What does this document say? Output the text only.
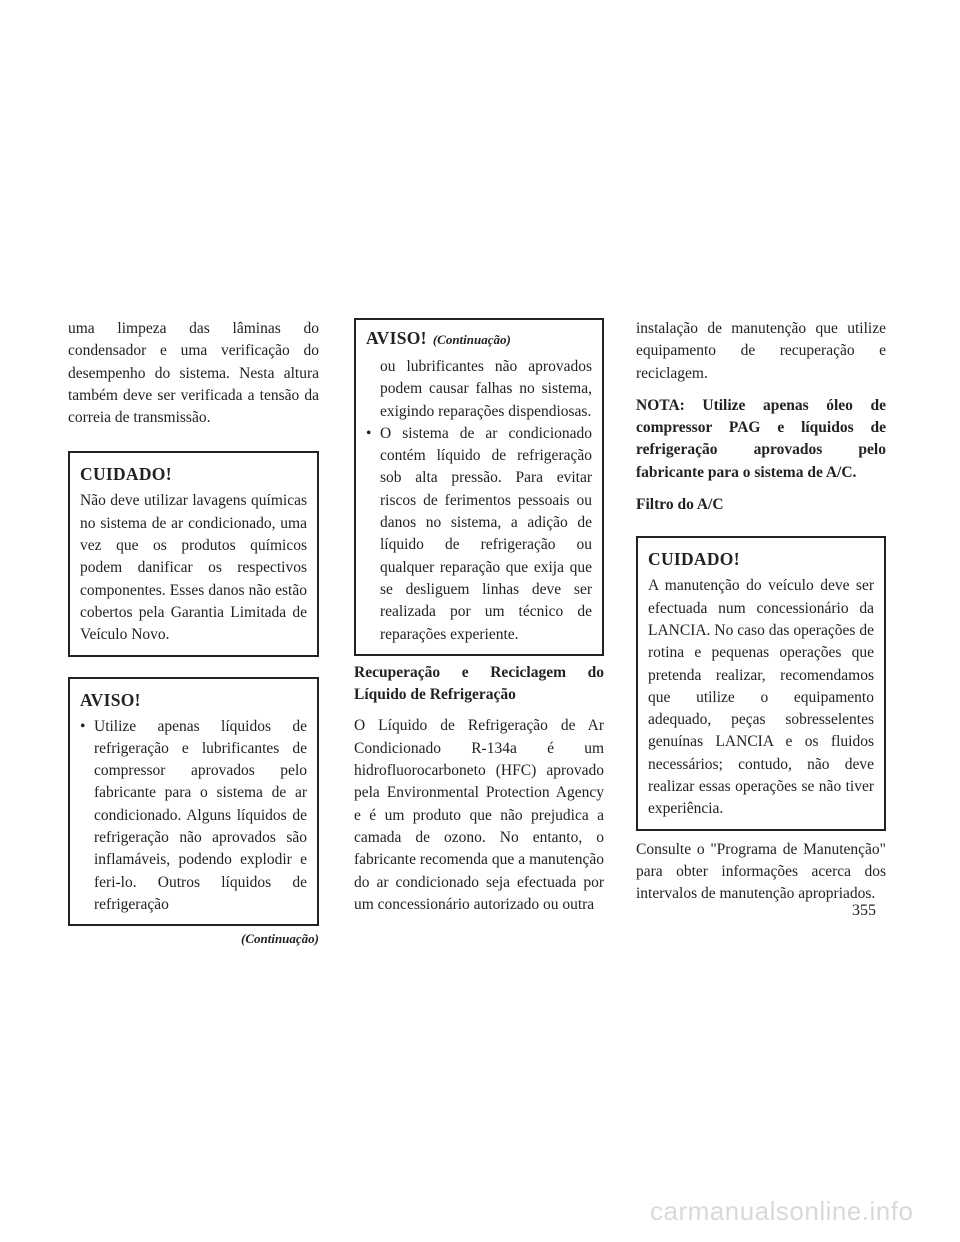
uma limpeza das lâminas do condensador e uma verificação do desempenho do sistema. Nesta altura também deve ser verificada a tensão da correia de transmissão.

CUIDADO!

Não deve utilizar lavagens químicas no sistema de ar condicionado, uma vez que os produtos químicos podem danificar os respectivos componentes. Esses danos não estão cobertos pela Garantia Limitada de Veículo Novo.

AVISO!
• Utilize apenas líquidos de refrigeração e lubrificantes de compressor aprovados pelo fabricante para o sistema de ar condicionado. Alguns líquidos de refrigeração não aprovados são inflamáveis, podendo explodir e feri-lo. Outros líquidos de refrigeração
(Continuação)
AVISO! (Continuação)

ou lubrificantes não aprovados podem causar falhas no sistema, exigindo reparações dispendiosas.

• O sistema de ar condicionado contém líquido de refrigeração sob alta pressão. Para evitar riscos de ferimentos pessoais ou danos no sistema, a adição de líquido de refrigeração ou qualquer reparação que exija que se desliguem linhas deve ser realizada por um técnico de reparações experiente.

Recuperação e Reciclagem do Líquido de Refrigeração

O Líquido de Refrigeração de Ar Condicionado R-134a é um hidrofluorocarboneto (HFC) aprovado pela Environmental Protection Agency e é um produto que não prejudica a camada de ozono. No entanto, o fabricante recomenda que a manutenção do ar condicionado seja efectuada por um concessionário autorizado ou outra

instalação de manutenção que utilize equipamento de recuperação e reciclagem.

NOTA: Utilize apenas óleo de compressor PAG e líquidos de refrigeração aprovados pelo fabricante para o sistema de A/C.

Filtro do A/C

CUIDADO!

A manutenção do veículo deve ser efectuada num concessionário da LANCIA. No caso das operações de rotina e pequenas operações que pretenda realizar, recomendamos que utilize o equipamento adequado, peças sobresselentes genuínas LANCIA e os fluidos necessários; contudo, não deve realizar essas operações se não tiver experiência.

Consulte o "Programa de Manutenção" para obter informações acerca dos intervalos de manutenção apropriados.

355
carmanualsonline.info
